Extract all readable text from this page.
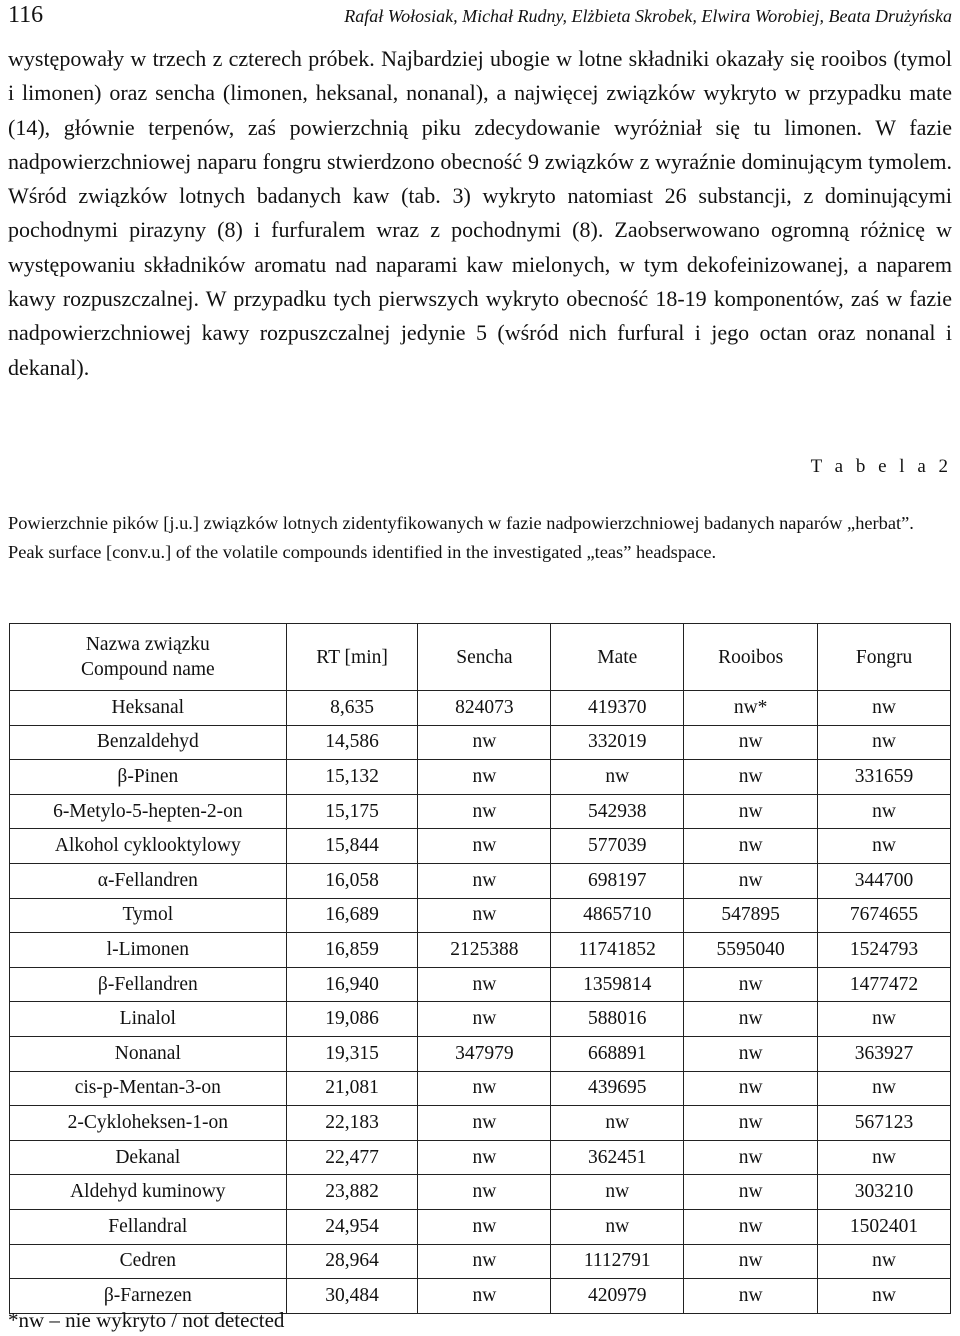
116	Rafał Wołosiak, Michał Rudny, Elżbieta Skrobek, Elwira Worobiej, Beata Drużyńska

występowały w trzech z czterech próbek. Najbardziej ubogie w lotne składniki okazały się rooibos (tymol i limonen) oraz sencha (limonen, heksanal, nonanal), a najwięcej związków wykryto w przypadku mate (14), głównie terpenów, zaś powierzchnią piku zdecydowanie wyróżniał się tu limonen. W fazie nadpowierzchniowej naparu fongru stwierdzono obecność 9 związków z wyraźnie dominującym tymolem. Wśród związków lotnych badanych kaw (tab. 3) wykryto natomiast 26 substancji, z dominującymi pochodnymi pirazyny (8) i furfuralem wraz z pochodnymi (8). Zaobserwowano ogromną różnicę w występowaniu składników aromatu nad naparami kaw mielonych, w tym dekofeinizowanej, a naparem kawy rozpuszczalnej. W przypadku tych pierwszych wykryto obecność 18-19 komponentów, zaś w fazie nadpowierzchniowej kawy rozpuszczalnej jedynie 5 (wśród nich furfural i jego octan oraz nonanal i dekanal).

T a b e l a 2

Powierzchnie pików [j.u.] związków lotnych zidentyfikowanych w fazie nadpowierzchniowej badanych naparów „herbat”.

Peak surface [conv.u.] of the volatile compounds identified in the investigated „teas” headspace.

Nazwa związku
Compound name	RT [min]	Sencha	Mate	Rooibos	Fongru
Heksanal	8,635	824073	419370	nw*	nw
Benzaldehyd	14,586	nw	332019	nw	nw
β-Pinen	15,132	nw	nw	nw	331659
6-Metylo-5-hepten-2-on	15,175	nw	542938	nw	nw
Alkohol cyklooktylowy	15,844	nw	577039	nw	nw
α-Fellandren	16,058	nw	698197	nw	344700
Tymol	16,689	nw	4865710	547895	7674655
l-Limonen	16,859	2125388	11741852	5595040	1524793
β-Fellandren	16,940	nw	1359814	nw	1477472
Linalol	19,086	nw	588016	nw	nw
Nonanal	19,315	347979	668891	nw	363927
cis-p-Mentan-3-on	21,081	nw	439695	nw	nw
2-Cykloheksen-1-on	22,183	nw	nw	nw	567123
Dekanal	22,477	nw	362451	nw	nw
Aldehyd kuminowy	23,882	nw	nw	nw	303210
Fellandral	24,954	nw	nw	nw	1502401
Cedren	28,964	nw	1112791	nw	nw
β-Farnezen	30,484	nw	420979	nw	nw
*nw – nie wykryto / not detected
